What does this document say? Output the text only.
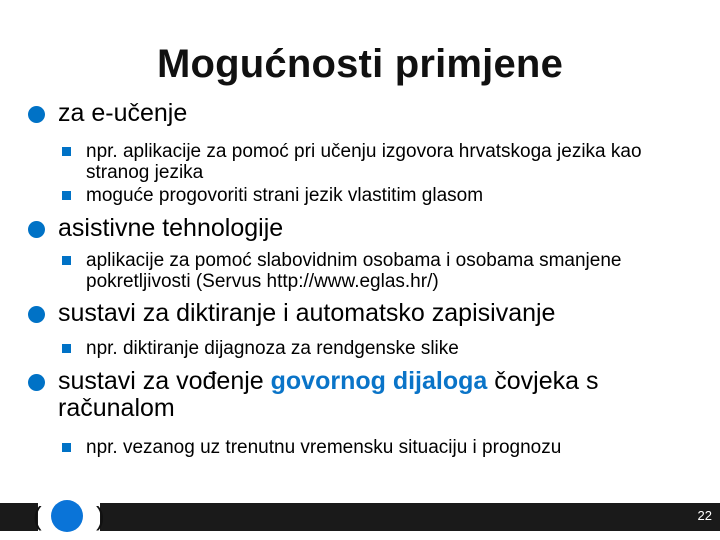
Mogućnosti primjene
za e-učenje
npr. aplikacije za pomoć pri učenju izgovora hrvatskoga jezika kao stranog jezika
moguće progovoriti strani jezik vlastitim glasom
asistivne tehnologije
aplikacije za pomoć slabovidnim osobama i osobama smanjene pokretljivosti (Servus http://www.eglas.hr/)
sustavi za diktiranje i automatsko zapisivanje
npr. diktiranje dijagnoza za rendgenske slike
sustavi za vođenje govornog dijaloga čovjeka s računalom
npr. vezanog uz trenutnu vremensku situaciju i prognozu
( )	22
